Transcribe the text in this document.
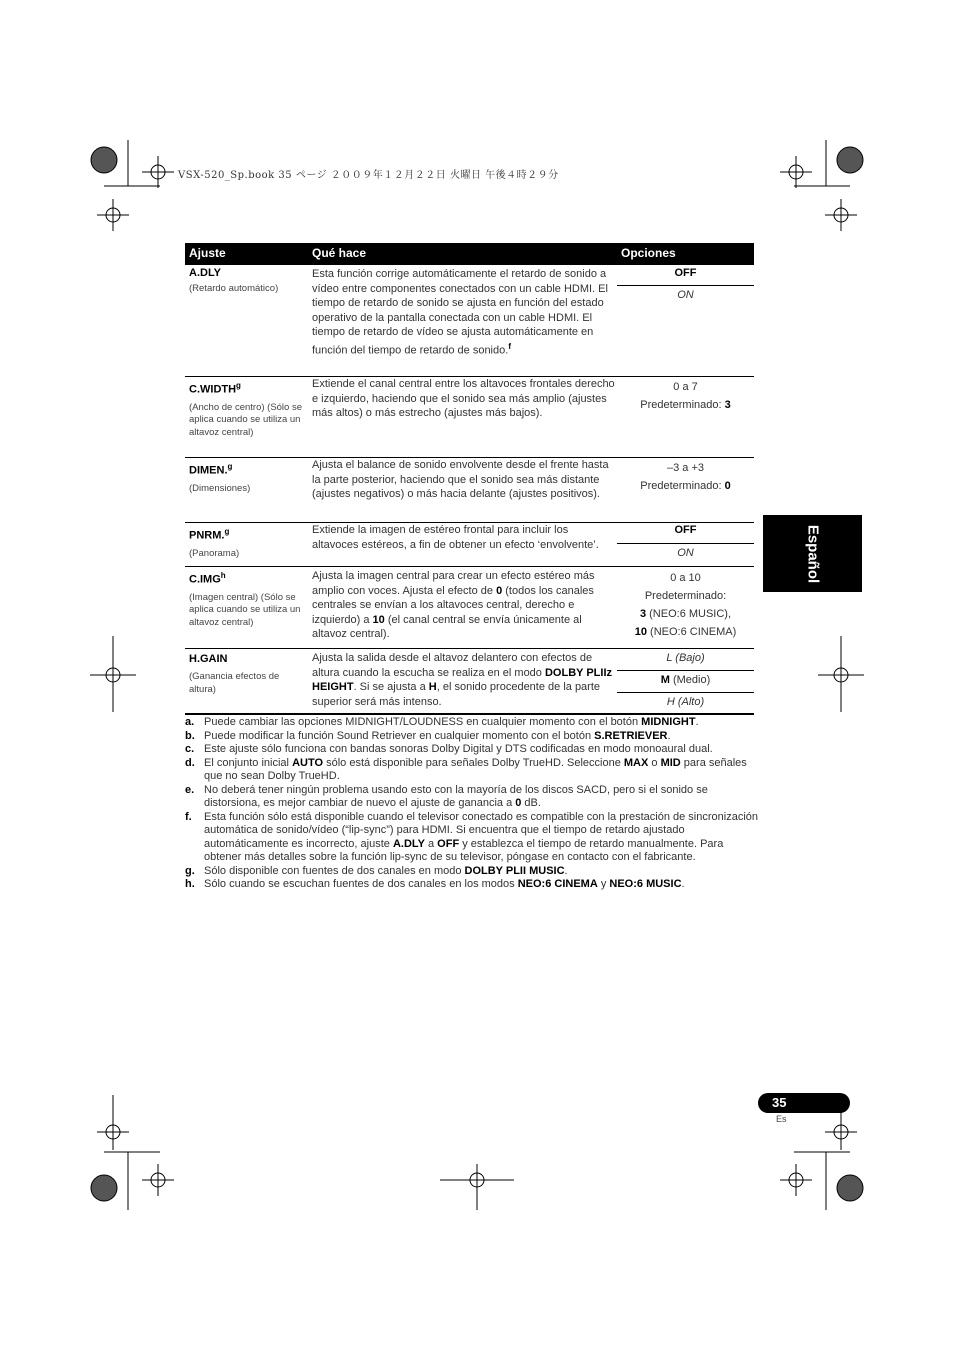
VSX-520_Sp.book 35 ページ ２００９年１２月２２日 火曜日 午後４時２９分
Ajuste	Qué hace	Opciones
A.DLY
(Retardo automático)
Esta función corrige automáticamente el retardo de sonido a vídeo entre componentes conectados con un cable HDMI. El tiempo de retardo de sonido se ajusta en función del estado operativo de la pantalla conectada con un cable HDMI. El tiempo de retardo de vídeo se ajusta automáticamente en función del tiempo de retardo de sonido.$^f$
OFF
ON
C.WIDTH$^g$
(Ancho de centro) (Sólo se aplica cuando se utiliza un altavoz central)
Extiende el canal central entre los altavoces frontales derecho e izquierdo, haciendo que el sonido sea más amplio (ajustes más altos) o más estrecho (ajustes más bajos).
0 a 7
Predeterminado: 3
DIMEN.$^g$
(Dimensiones)
Ajusta el balance de sonido envolvente desde el frente hasta la parte posterior, haciendo que el sonido sea más distante (ajustes negativos) o más hacia delante (ajustes positivos).
–3 a +3
Predeterminado: 0
PNRM.$^g$
(Panorama)
Extiende la imagen de estéreo frontal para incluir los altavoces estéreos, a fin de obtener un efecto ‘envolvente’.
OFF
ON
C.IMG$^h$
(Imagen central) (Sólo se aplica cuando se utiliza un altavoz central)
Ajusta la imagen central para crear un efecto estéreo más amplio con voces. Ajusta el efecto de 0 (todos los canales centrales se envían a los altavoces central, derecho e izquierdo) a 10 (el canal central se envía únicamente al altavoz central).
0 a 10
Predeterminado:
3 (NEO:6 MUSIC),
10 (NEO:6 CINEMA)
H.GAIN
(Ganancia efectos de altura)
Ajusta la salida desde el altavoz delantero con efectos de altura cuando la escucha se realiza en el modo DOLBY PLIIz HEIGHT. Si se ajusta a H, el sonido procedente de la parte superior será más intenso.
L (Bajo)
M (Medio)
H (Alto)
a. Puede cambiar las opciones MIDNIGHT/LOUDNESS en cualquier momento con el botón MIDNIGHT.
b. Puede modificar la función Sound Retriever en cualquier momento con el botón S.RETRIEVER.
c. Este ajuste sólo funciona con bandas sonoras Dolby Digital y DTS codificadas en modo monoaural dual.
d. El conjunto inicial AUTO sólo está disponible para señales Dolby TrueHD. Seleccione MAX o MID para señales que no sean Dolby TrueHD.
e. No deberá tener ningún problema usando esto con la mayoría de los discos SACD, pero si el sonido se distorsiona, es mejor cambiar de nuevo el ajuste de ganancia a 0 dB.
f. Esta función sólo está disponible cuando el televisor conectado es compatible con la prestación de sincronización automática de sonido/vídeo (“lip-sync”) para HDMI. Si encuentra que el tiempo de retardo ajustado automáticamente es incorrecto, ajuste A.DLY a OFF y establezca el tiempo de retardo manualmente. Para obtener más detalles sobre la función lip-sync de su televisor, póngase en contacto con el fabricante.
g. Sólo disponible con fuentes de dos canales en modo DOLBY PLII MUSIC.
h. Sólo cuando se escuchan fuentes de dos canales en los modos NEO:6 CINEMA y NEO:6 MUSIC.
Español
35
Es
